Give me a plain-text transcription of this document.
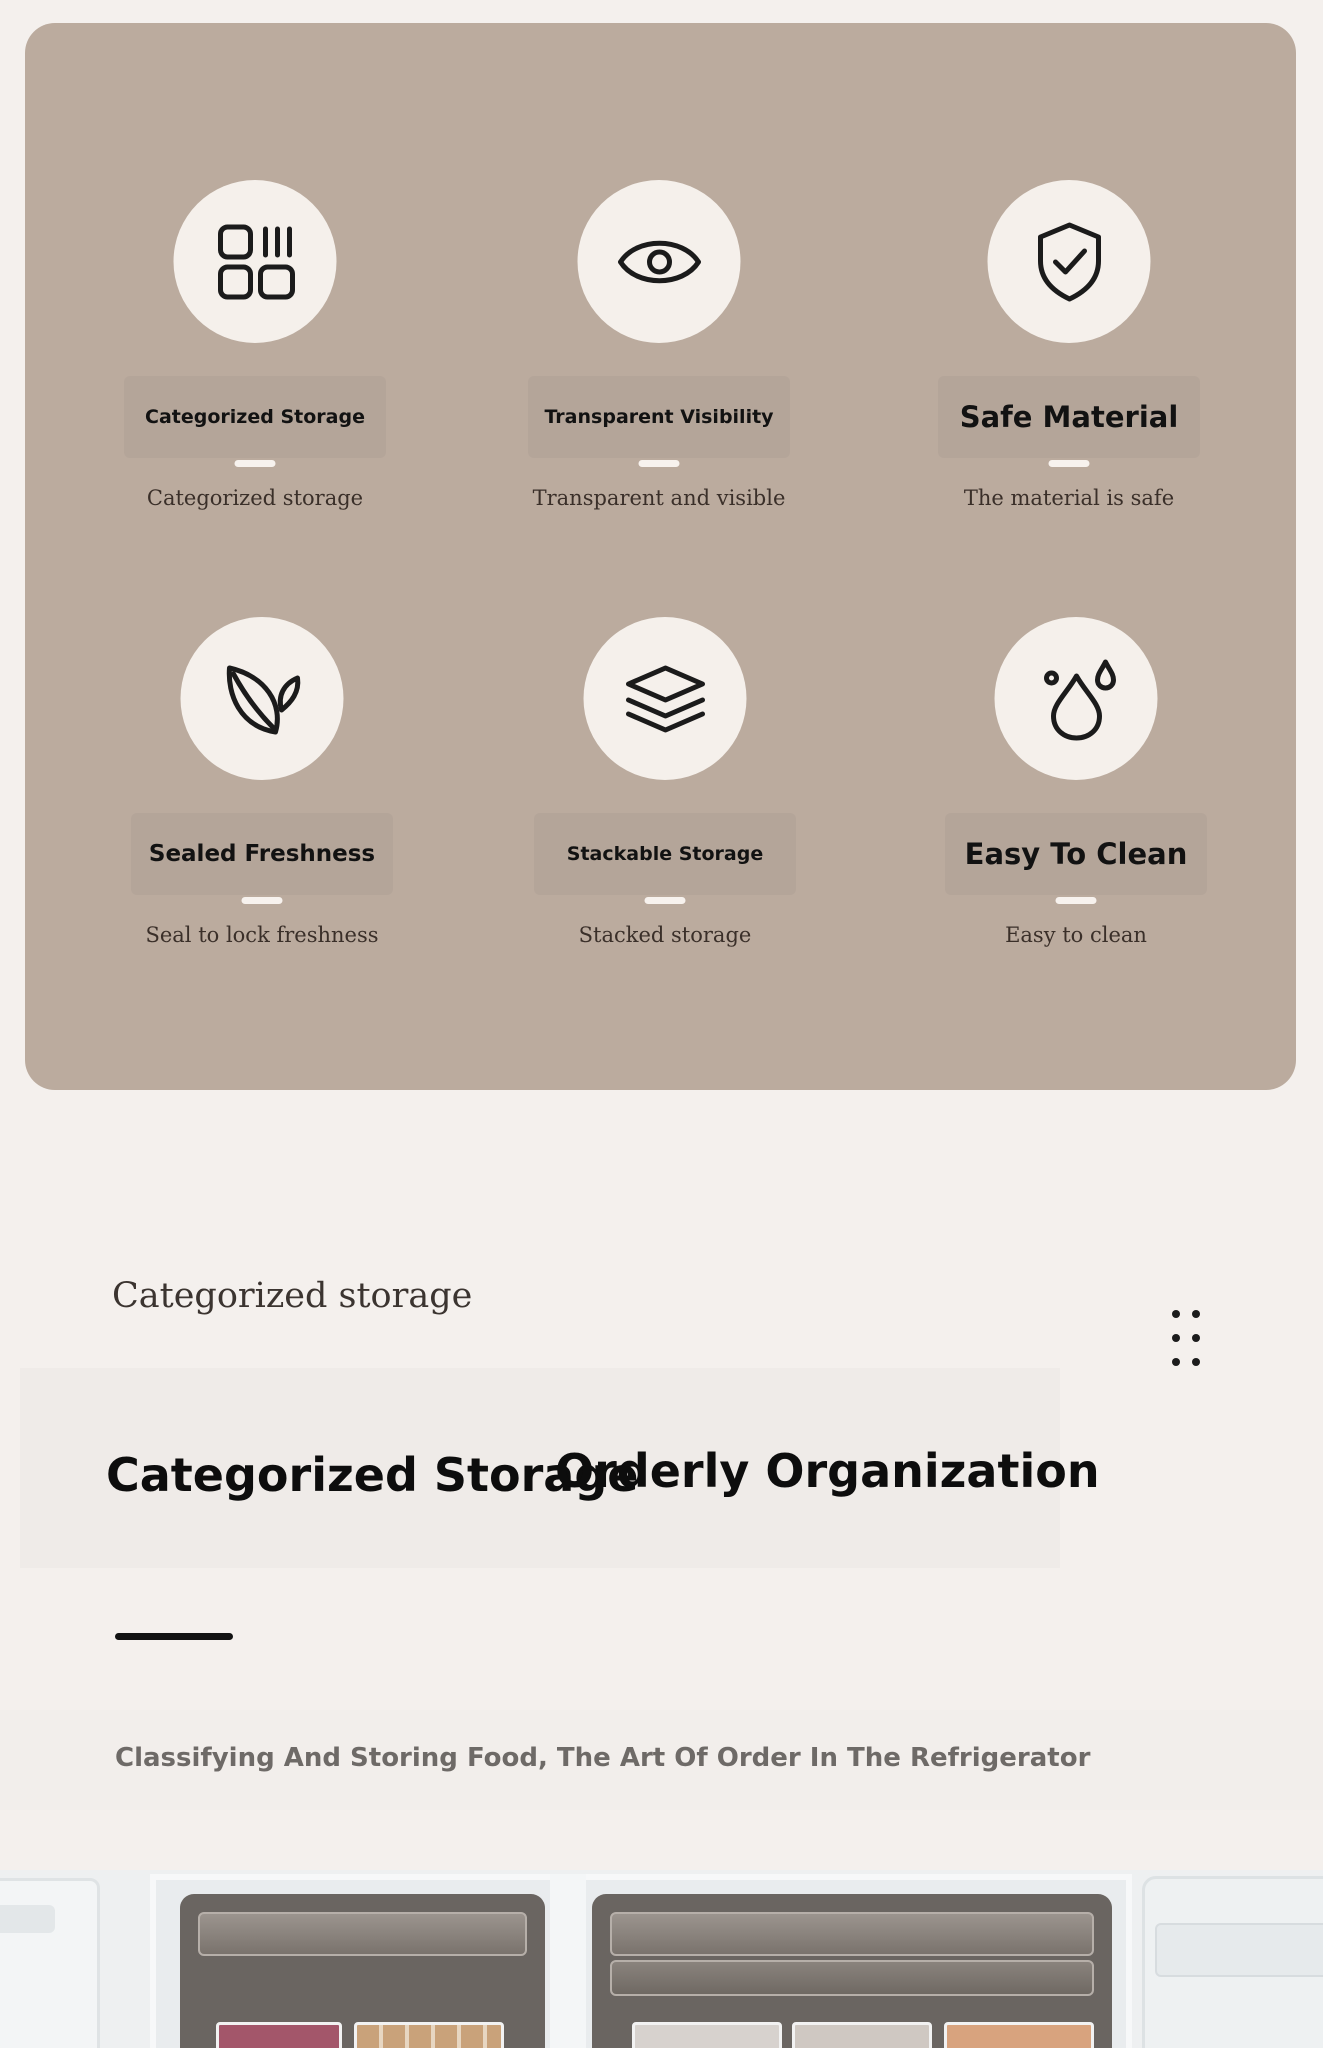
Categorized Storage
Categorized storage
Transparent Visibility
Transparent and visible
Safe Material
The material is safe
Sealed Freshness
Seal to lock freshness
Stackable Storage
Stacked storage
Easy To Clean
Easy to clean
Categorized storage
Categorized Storage
Orderly Organization
Classifying And Storing Food, The Art Of Order In The Refrigerator
